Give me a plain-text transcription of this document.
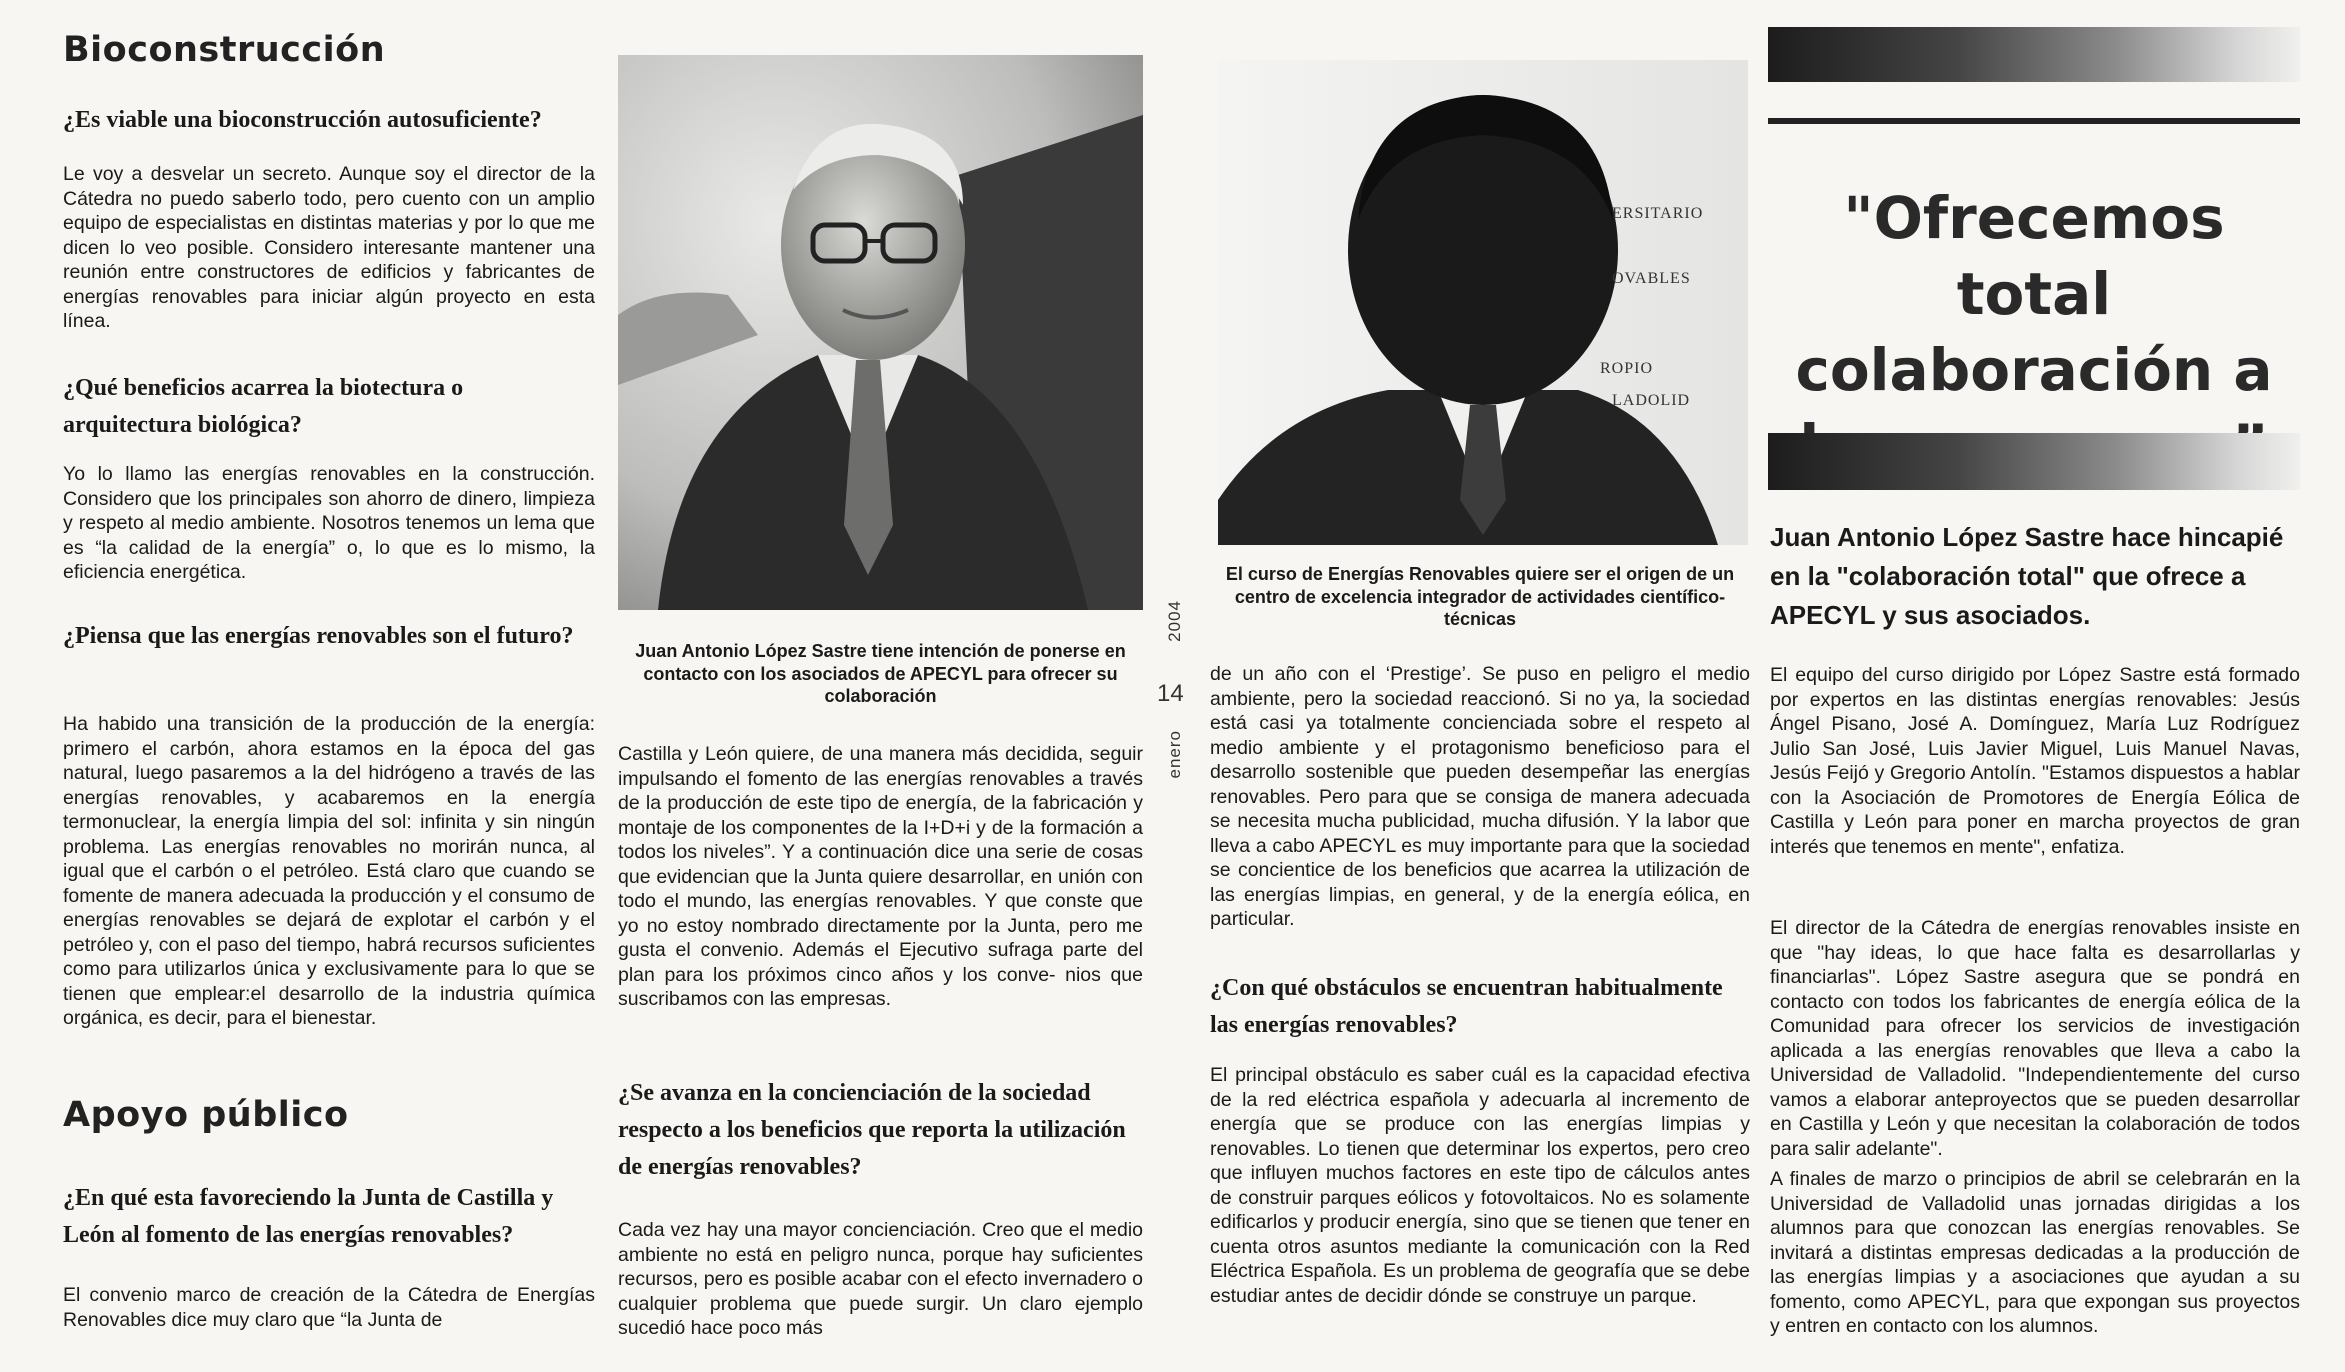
Bioconstrucción

¿Es viable una bioconstrucción autosuficiente?

Le voy a desvelar un secreto. Aunque soy el director de la Cátedra no puedo saberlo todo, pero cuento con un amplio equipo de especialistas en distintas materias y por lo que me dicen lo veo posible. Considero interesante mantener una reunión entre constructores de edificios y fabricantes de energías renovables para iniciar algún proyecto en esta línea.

¿Qué beneficios acarrea la biotectura o arquitectura biológica?

Yo lo llamo las energías renovables en la construcción. Considero que los principales son ahorro de dinero, limpieza y respeto al medio ambiente. Nosotros tenemos un lema que es “la calidad de la energía” o, lo que es lo mismo, la eficiencia energética.

¿Piensa que las energías renovables son el futuro?

Ha habido una transición de la producción de la energía: primero el carbón, ahora estamos en la época del gas natural, luego pasaremos a la del hidrógeno a través de las energías renovables, y acabaremos en la energía termonuclear, la energía limpia del sol: infinita y sin ningún problema. Las energías renovables no morirán nunca, al igual que el carbón o el petróleo. Está claro que cuando se fomente de manera adecuada la producción y el consumo de energías renovables se dejará de explotar el carbón y el petróleo y, con el paso del tiempo, habrá recursos suficientes como para utilizarlos única y exclusivamente para lo que se tienen que emplear:el desarrollo de la industria química orgánica, es decir, para el bienestar.

Apoyo público

¿En qué esta favoreciendo la Junta de Castilla y León al fomento de las energías renovables?

El convenio marco de creación de la Cátedra de Energías Renovables dice muy claro que “la Junta de

Juan Antonio López Sastre tiene intención de ponerse en contacto con los asociados de APECYL para ofrecer su colaboración

Castilla y León quiere, de una manera más decidida, seguir impulsando el fomento de las energías renovables a través de la producción de este tipo de energía, de la fabricación y montaje de los componentes de la I+D+i y de la formación a todos los niveles”. Y a continuación dice una serie de cosas que evidencian que la Junta quiere desarrollar, en unión con todo el mundo, las energías renovables. Y que conste que yo no estoy nombrado directamente por la Junta, pero me gusta el convenio. Además el Ejecutivo sufraga parte del plan para los próximos cinco años y los conve- nios que suscribamos con las empresas.

¿Se avanza en la concienciación de la sociedad respecto a los beneficios que reporta la utilización de energías renovables?

Cada vez hay una mayor concienciación. Creo que el medio ambiente no está en peligro nunca, porque hay suficientes recursos, pero es posible acabar con el efecto invernadero o cualquier problema que puede surgir. Un claro ejemplo sucedió hace poco más

2004
14
enero
ERSITARIO
OVABLES
ROPIO
LADOLID

El curso de Energías Renovables quiere ser el origen de un centro de excelencia integrador de actividades científico-técnicas

de un año con el ‘Prestige’. Se puso en peligro el medio ambiente, pero la sociedad reaccionó. Si no ya, la sociedad está casi ya totalmente concienciada sobre el respeto al medio ambiente y el protagonismo beneficioso para el desarrollo sostenible que pueden desempeñar las energías renovables. Pero para que se consiga de manera adecuada se necesita mucha publicidad, mucha difusión. Y la labor que lleva a cabo APECYL es muy importante para que la sociedad se concientice de los beneficios que acarrea la utilización de las energías limpias, en general, y de la energía eólica, en particular.

¿Con qué obstáculos se encuentran habitualmente las energías renovables?

El principal obstáculo es saber cuál es la capacidad efectiva de la red eléctrica española y adecuarla al incremento de energía que se produce con las energías limpias y renovables. Lo tienen que determinar los expertos, pero creo que influyen muchos factores en este tipo de cálculos antes de construir parques eólicos y fotovoltaicos. No es solamente edificarlos y producir energía, sino que se tienen que tener en cuenta otros asuntos mediante la comunicación con la Red Eléctrica Española. Es un problema de geografía que se debe estudiar antes de decidir dónde se construye un parque.

"Ofrecemos total colaboración a

Juan Antonio López Sastre hace hincapié en la "colaboración total" que ofrece a APECYL y sus asociados.

El equipo del curso dirigido por López Sastre está formado por expertos en las distintas energías renovables: Jesús Ángel Pisano, José A. Domínguez, María Luz Rodríguez Julio San José, Luis Javier Miguel, Luis Manuel Navas, Jesús Feijó y Gregorio Antolín. "Estamos dispuestos a hablar con la Asociación de Promotores de Energía Eólica de Castilla y León para poner en marcha proyectos de gran interés que tenemos en mente", enfatiza.

El director de la Cátedra de energías renovables insiste en que "hay ideas, lo que hace falta es desarrollarlas y financiarlas". López Sastre asegura que se pondrá en contacto con todos los fabricantes de energía eólica de la Comunidad para ofrecer los servicios de investigación aplicada a las energías renovables que lleva a cabo la Universidad de Valladolid. "Independientemente del curso vamos a elaborar anteproyectos que se pueden desarrollar en Castilla y León y que necesitan la colaboración de todos para salir adelante".

A finales de marzo o principios de abril se celebrarán en la Universidad de Valladolid unas jornadas dirigidas a los alumnos para que conozcan las energías renovables. Se invitará a distintas empresas dedicadas a la producción de las energías limpias y a asociaciones que ayudan a su fomento, como APECYL, para que expongan sus proyectos y entren en contacto con los alumnos.
